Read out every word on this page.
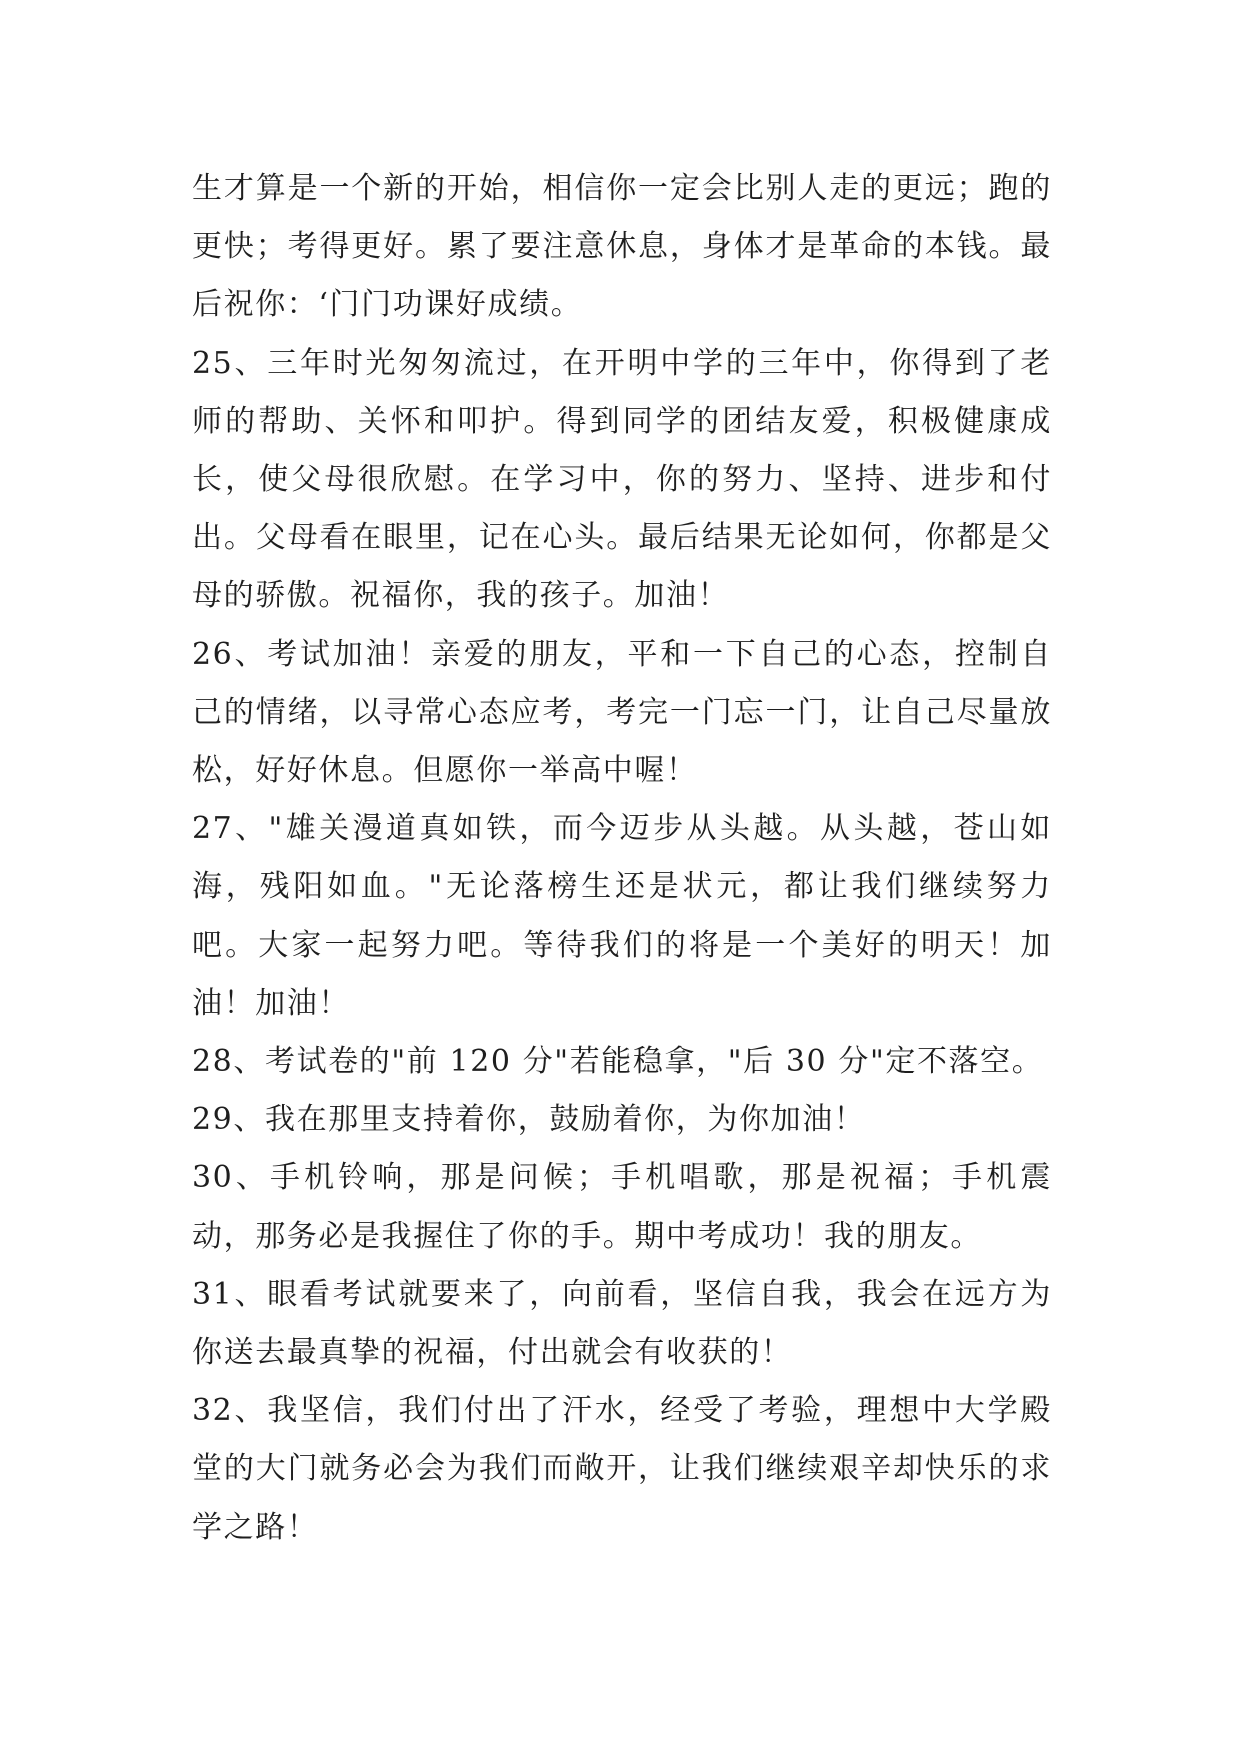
生才算是一个新的开始，相信你一定会比别人走的更远；跑的更快；考得更好。累了要注意休息，身体才是革命的本钱。最后祝你：‘门门功课好成绩。

25、三年时光匆匆流过，在开明中学的三年中，你得到了老师的帮助、关怀和叩护。得到同学的团结友爱，积极健康成长，使父母很欣慰。在学习中，你的努力、坚持、进步和付出。父母看在眼里，记在心头。最后结果无论如何，你都是父母的骄傲。祝福你，我的孩子。加油！

26、考试加油！亲爱的朋友，平和一下自己的心态，控制自己的情绪，以寻常心态应考，考完一门忘一门，让自己尽量放松，好好休息。但愿你一举高中喔！

27、"雄关漫道真如铁，而今迈步从头越。从头越，苍山如海，残阳如血。"无论落榜生还是状元，都让我们继续努力吧。大家一起努力吧。等待我们的将是一个美好的明天！加油！加油！

28、考试卷的"前 120 分"若能稳拿，"后 30 分"定不落空。

29、我在那里支持着你，鼓励着你，为你加油！

30、手机铃响，那是问候；手机唱歌，那是祝福；手机震动，那务必是我握住了你的手。期中考成功！我的朋友。

31、眼看考试就要来了，向前看，坚信自我，我会在远方为你送去最真挚的祝福，付出就会有收获的！

32、我坚信，我们付出了汗水，经受了考验，理想中大学殿堂的大门就务必会为我们而敞开，让我们继续艰辛却快乐的求学之路！
